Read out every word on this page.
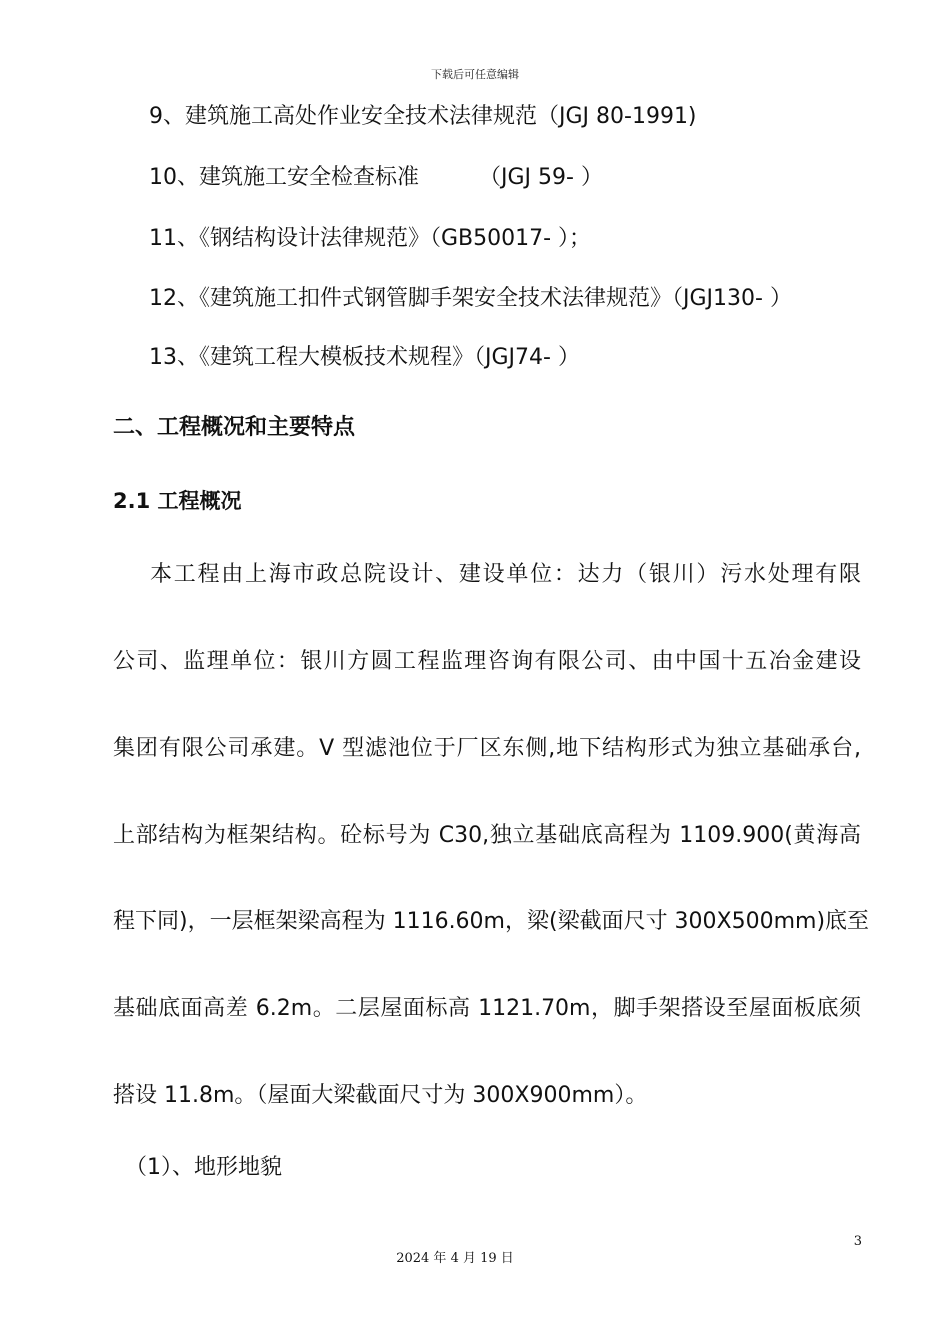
下载后可任意编辑
9、建筑施工高处作业安全技术法律规范（JGJ 80-1991)
10、建筑施工安全检查标准	（JGJ 59- ）
11、《钢结构设计法律规范》（GB50017- ）；
12、《建筑施工扣件式钢管脚手架安全技术法律规范》（JGJ130- ）
13、《建筑工程大模板技术规程》（JGJ74- ）
二、工程概况和主要特点
2.1 工程概况
本工程由上海市政总院设计、建设单位：达力（银川）污水处理有限
公司、监理单位：银川方圆工程监理咨询有限公司、由中国十五冶金建设
集团有限公司承建。V 型滤池位于厂区东侧,地下结构形式为独立基础承台,
上部结构为框架结构。砼标号为 C30,独立基础底高程为 1109.900(黄海高
程下同)，一层框架梁高程为 1116.60m，梁(梁截面尺寸 300X500mm)底至
基础底面高差 6.2m。二层屋面标高 1121.70m，脚手架搭设至屋面板底须
搭设 11.8m。（屋面大梁截面尺寸为 300X900mm）。
（1）、地形地貌
3
2024 年 4 月 19 日
